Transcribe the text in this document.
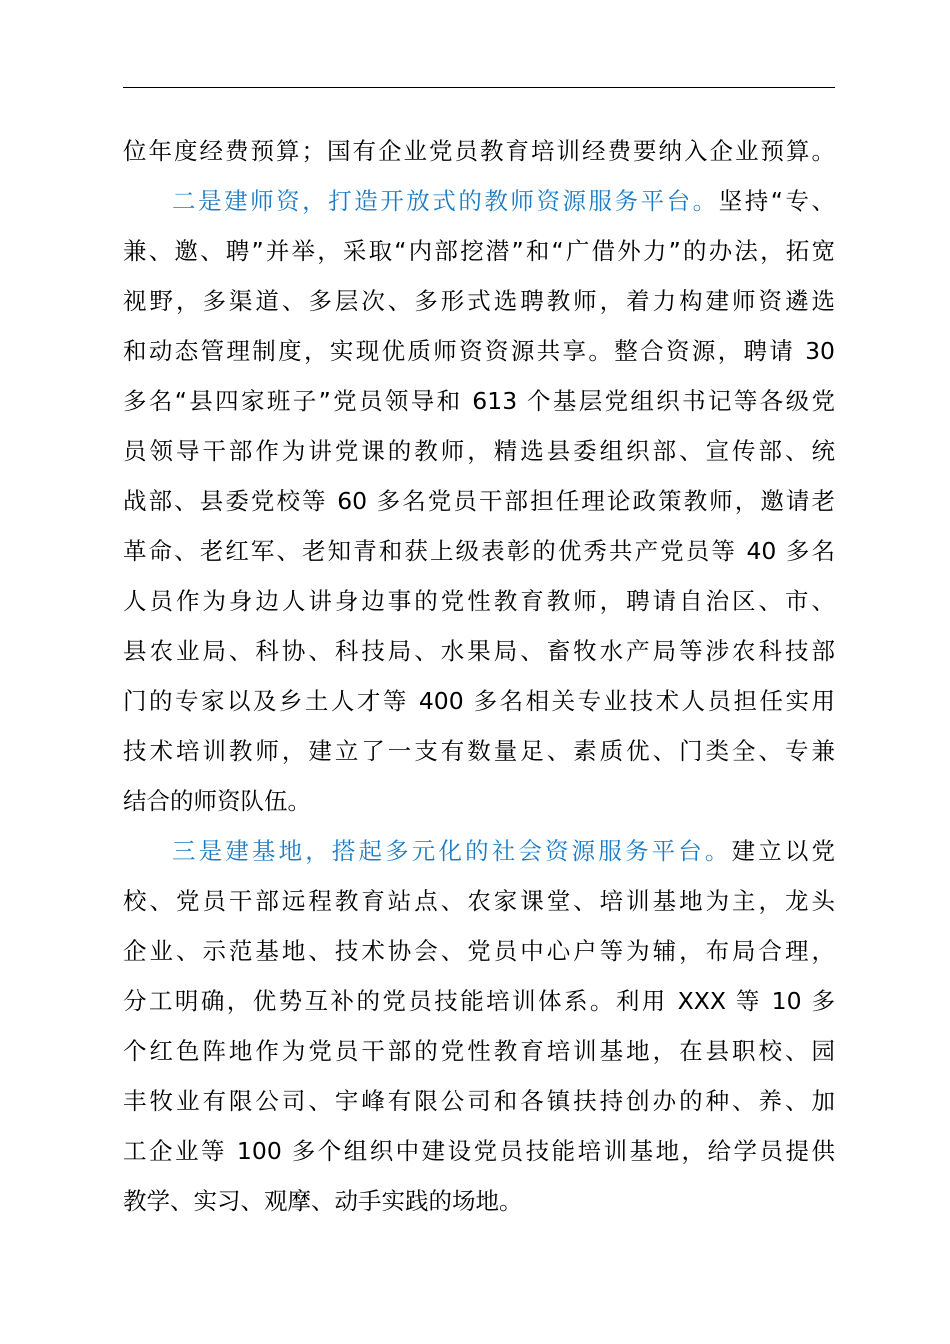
位年度经费预算；国有企业党员教育培训经费要纳入企业预算。
二是建师资，打造开放式的教师资源服务平台。坚持“专、
兼、邀、聘”并举，采取“内部挖潜”和“广借外力”的办法，拓宽
视野，多渠道、多层次、多形式选聘教师，着力构建师资遴选
和动态管理制度，实现优质师资资源共享。整合资源，聘请 30
多名“县四家班子”党员领导和 613 个基层党组织书记等各级党
员领导干部作为讲党课的教师，精选县委组织部、宣传部、统
战部、县委党校等 60 多名党员干部担任理论政策教师，邀请老
革命、老红军、老知青和获上级表彰的优秀共产党员等 40 多名
人员作为身边人讲身边事的党性教育教师，聘请自治区、市、
县农业局、科协、科技局、水果局、畜牧水产局等涉农科技部
门的专家以及乡土人才等 400 多名相关专业技术人员担任实用
技术培训教师，建立了一支有数量足、素质优、门类全、专兼
结合的师资队伍。
三是建基地，搭起多元化的社会资源服务平台。建立以党
校、党员干部远程教育站点、农家课堂、培训基地为主，龙头
企业、示范基地、技术协会、党员中心户等为辅，布局合理，
分工明确，优势互补的党员技能培训体系。利用 XXX 等 10 多
个红色阵地作为党员干部的党性教育培训基地，在县职校、园
丰牧业有限公司、宇峰有限公司和各镇扶持创办的种、养、加
工企业等 100 多个组织中建设党员技能培训基地，给学员提供
教学、实习、观摩、动手实践的场地。
